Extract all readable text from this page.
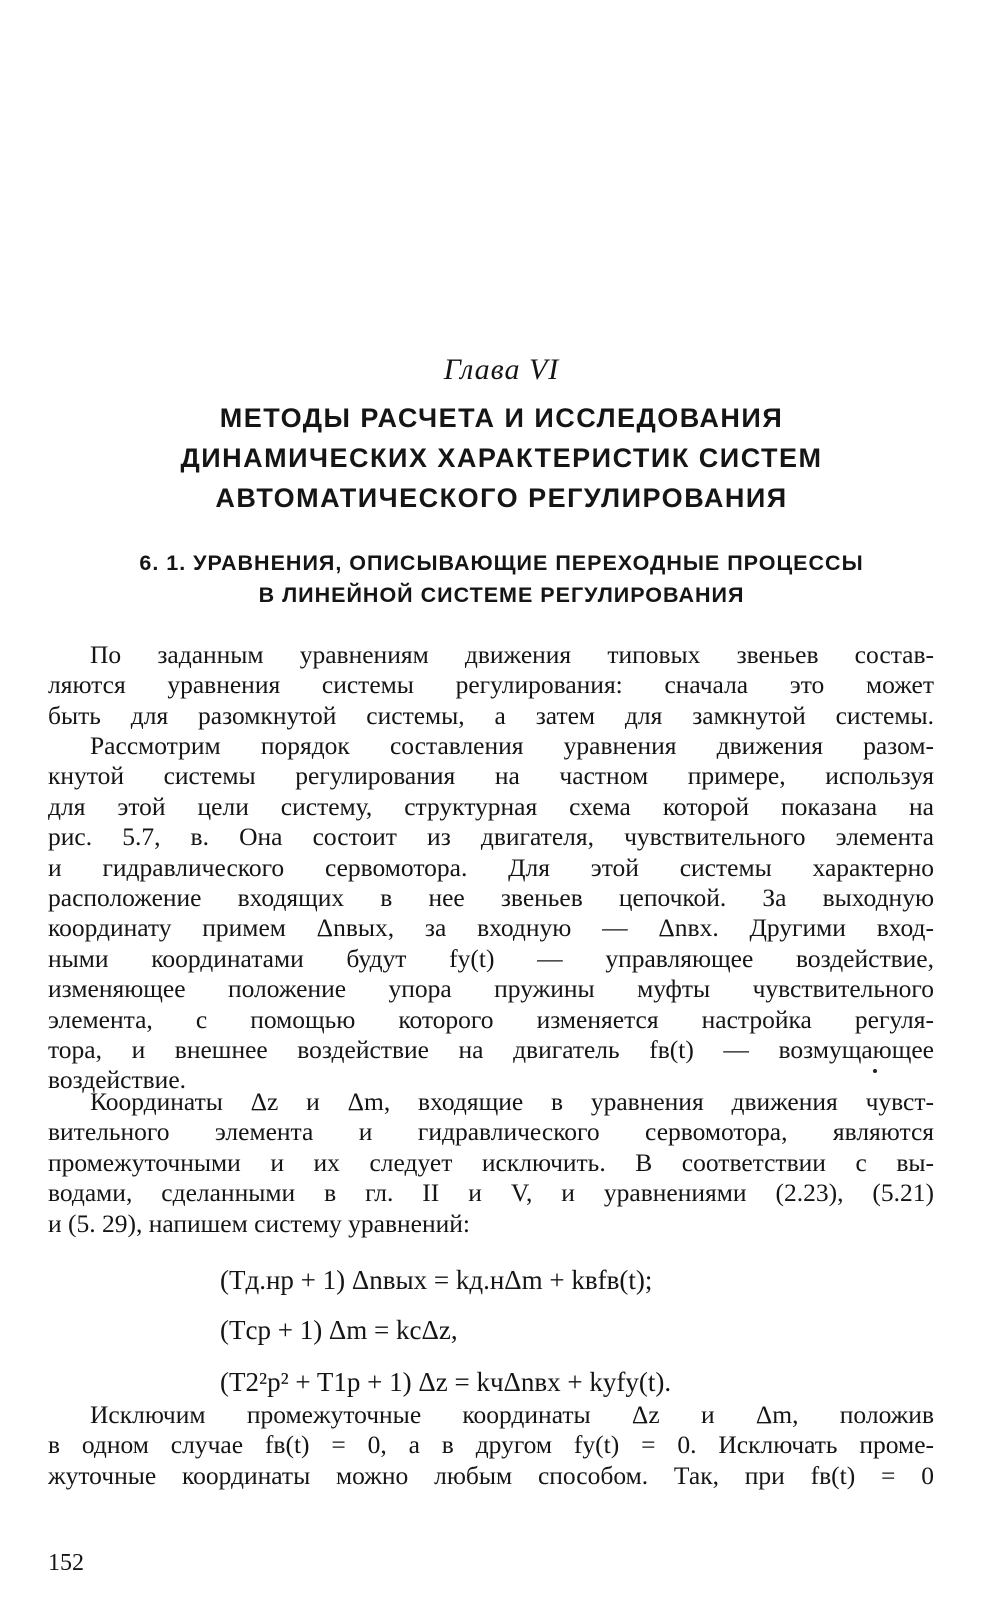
Глава VI
МЕТОДЫ РАСЧЕТА И ИССЛЕДОВАНИЯ
ДИНАМИЧЕСКИХ ХАРАКТЕРИСТИК СИСТЕМ
АВТОМАТИЧЕСКОГО РЕГУЛИРОВАНИЯ
6. 1. УРАВНЕНИЯ, ОПИСЫВАЮЩИЕ ПЕРЕХОДНЫЕ ПРОЦЕССЫ
В ЛИНЕЙНОЙ СИСТЕМЕ РЕГУЛИРОВАНИЯ
По заданным уравнениям движения типовых звеньев состав-
ляются уравнения системы регулирования: сначала это может
быть для разомкнутой системы, а затем для замкнутой системы.
Рассмотрим порядок составления уравнения движения разом-
кнутой системы регулирования на частном примере, используя
для этой цели систему, структурная схема которой показана на
рис. 5.7, в. Она состоит из двигателя, чувствительного элемента
и гидравлического сервомотора. Для этой системы характерно
расположение входящих в нее звеньев цепочкой. За выходную
координату примем Δnвых, за входную — Δnвх. Другими вход-
ными координатами будут fу(t) — управляющее воздействие,
изменяющее положение упора пружины муфты чувствительного
элемента, с помощью которого изменяется настройка регуля-
тора, и внешнее воздействие на двигатель fв(t) — возмущающее
воздействие.
Координаты Δz и Δm, входящие в уравнения движения чувст-
вительного элемента и гидравлического сервомотора, являются
промежуточными и их следует исключить. В соответствии с вы-
водами, сделанными в гл. II и V, и уравнениями (2.23), (5.21)
и (5. 29), напишем систему уравнений:
(Tд.нp + 1) Δnвых = kд.нΔm + kвfв(t);
(Tсp + 1) Δm = kсΔz,
(T2²p² + T1p + 1) Δz = kчΔnвх + kуfу(t).
Исключим промежуточные координаты Δz и Δm, положив
в одном случае fв(t) = 0, а в другом fу(t) = 0. Исключать проме-
жуточные координаты можно любым способом. Так, при fв(t) = 0
152
